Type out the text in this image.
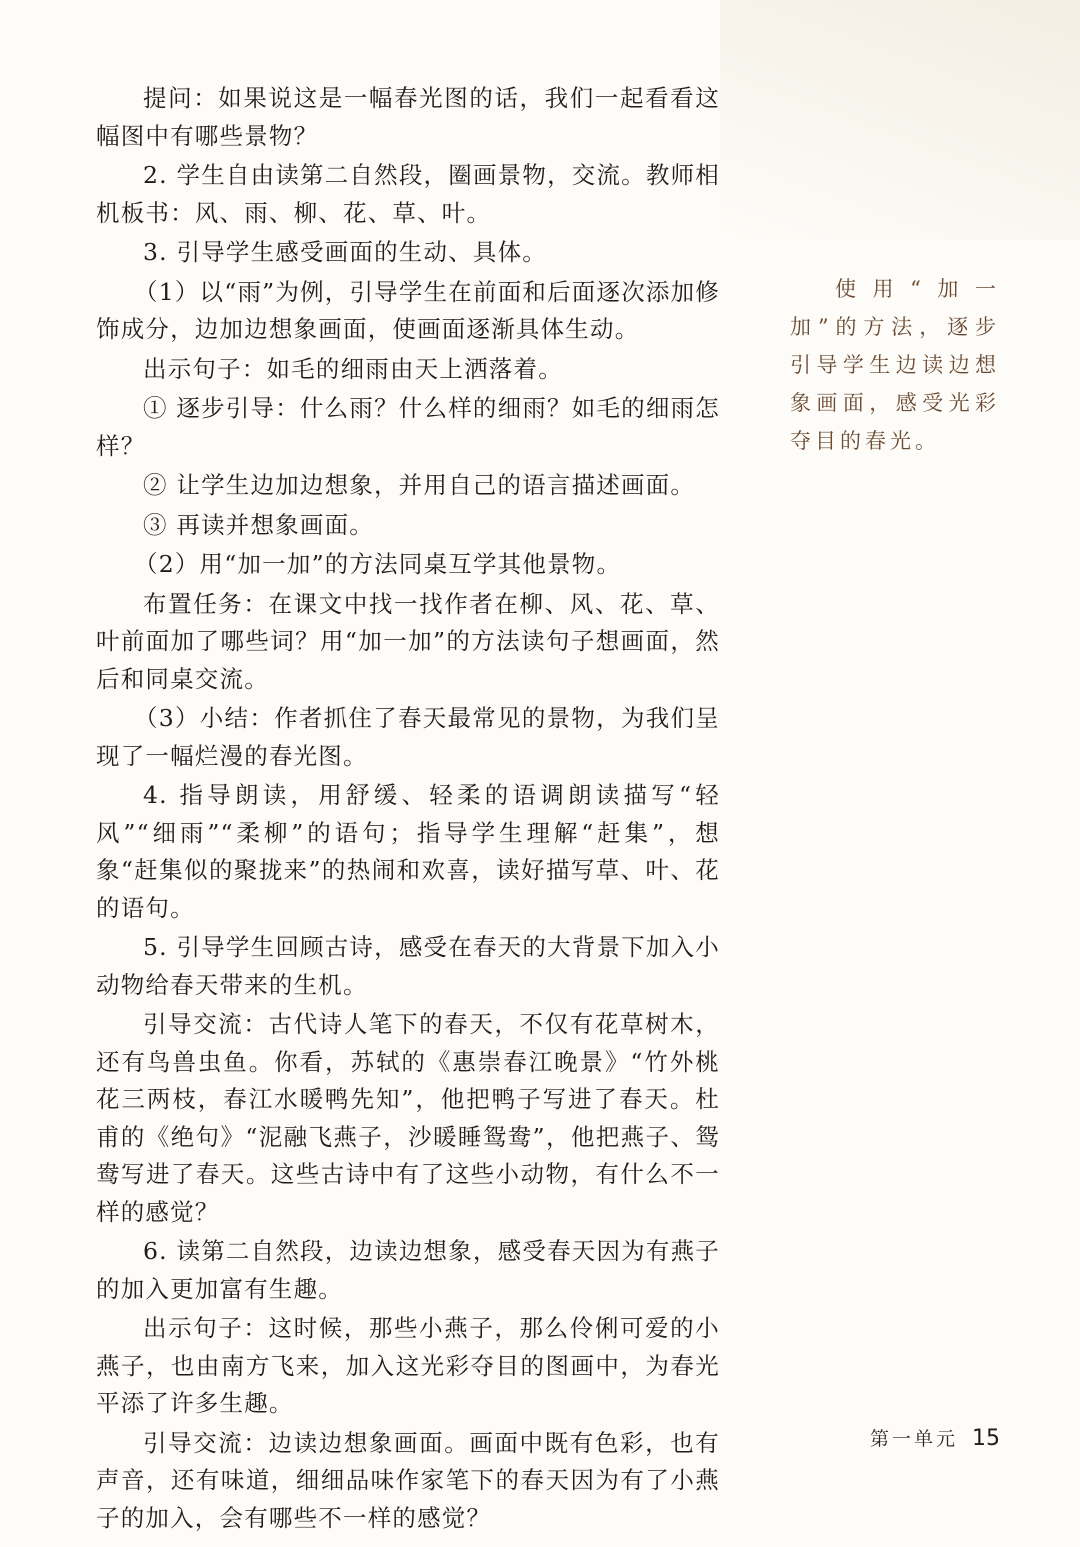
提问：如果说这是一幅春光图的话，我们一起看看这幅图中有哪些景物？

2. 学生自由读第二自然段，圈画景物，交流。教师相机板书：风、雨、柳、花、草、叶。

3. 引导学生感受画面的生动、具体。

（1）以“雨”为例，引导学生在前面和后面逐次添加修饰成分，边加边想象画面，使画面逐渐具体生动。

出示句子：如毛的细雨由天上洒落着。

① 逐步引导：什么雨？什么样的细雨？如毛的细雨怎样？

② 让学生边加边想象，并用自己的语言描述画面。

③ 再读并想象画面。

（2）用“加一加”的方法同桌互学其他景物。

布置任务：在课文中找一找作者在柳、风、花、草、叶前面加了哪些词？用“加一加”的方法读句子想画面，然后和同桌交流。

（3）小结：作者抓住了春天最常见的景物，为我们呈现了一幅烂漫的春光图。

4. 指导朗读，用舒缓、轻柔的语调朗读描写“轻风”“细雨”“柔柳”的语句；指导学生理解“赶集”，想象“赶集似的聚拢来”的热闹和欢喜，读好描写草、叶、花的语句。

5. 引导学生回顾古诗，感受在春天的大背景下加入小动物给春天带来的生机。

引导交流：古代诗人笔下的春天，不仅有花草树木，还有鸟兽虫鱼。你看，苏轼的《惠崇春江晚景》“竹外桃花三两枝，春江水暖鸭先知”，他把鸭子写进了春天。杜甫的《绝句》“泥融飞燕子，沙暖睡鸳鸯”，他把燕子、鸳鸯写进了春天。这些古诗中有了这些小动物，有什么不一样的感觉？

6. 读第二自然段，边读边想象，感受春天因为有燕子的加入更加富有生趣。

出示句子：这时候，那些小燕子，那么伶俐可爱的小燕子，也由南方飞来，加入这光彩夺目的图画中，为春光平添了许多生趣。

引导交流：边读边想象画面。画面中既有色彩，也有声音，还有味道，细细品味作家笔下的春天因为有了小燕子的加入，会有哪些不一样的感觉？

使用“加一加”的方法，逐步引导学生边读边想象画面，感受光彩夺目的春光。
第一单元 15
